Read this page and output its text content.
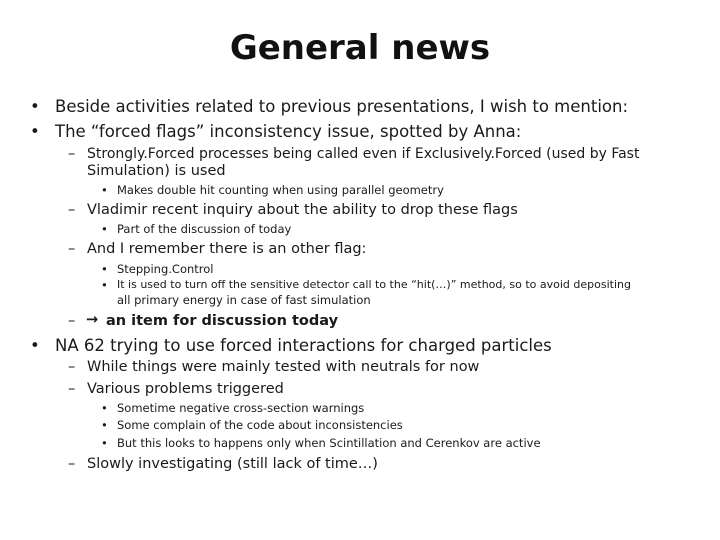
General news
• Beside activities related to previous presentations, I wish to mention:
• The “forced flags” inconsistency issue, spotted by Anna:
– Strongly.Forced processes being called even if Exclusively.Forced (used by Fast
Simulation) is used
• Makes double hit counting when using parallel geometry
– Vladimir recent inquiry about the ability to drop these flags
• Part of the discussion of today
– And I remember there is an other flag:
• Stepping.Control
• It is used to turn off the sensitive detector call to the “hit(…)” method, so to avoid depositing
all primary energy in case of fast simulation
– → an item for discussion today
• NA 62 trying to use forced interactions for charged particles
– While things were mainly tested with neutrals for now
– Various problems triggered
• Sometime negative cross-section warnings
• Some complain of the code about inconsistencies
• But this looks to happens only when Scintillation and Cerenkov are active
– Slowly investigating (still lack of time…)
